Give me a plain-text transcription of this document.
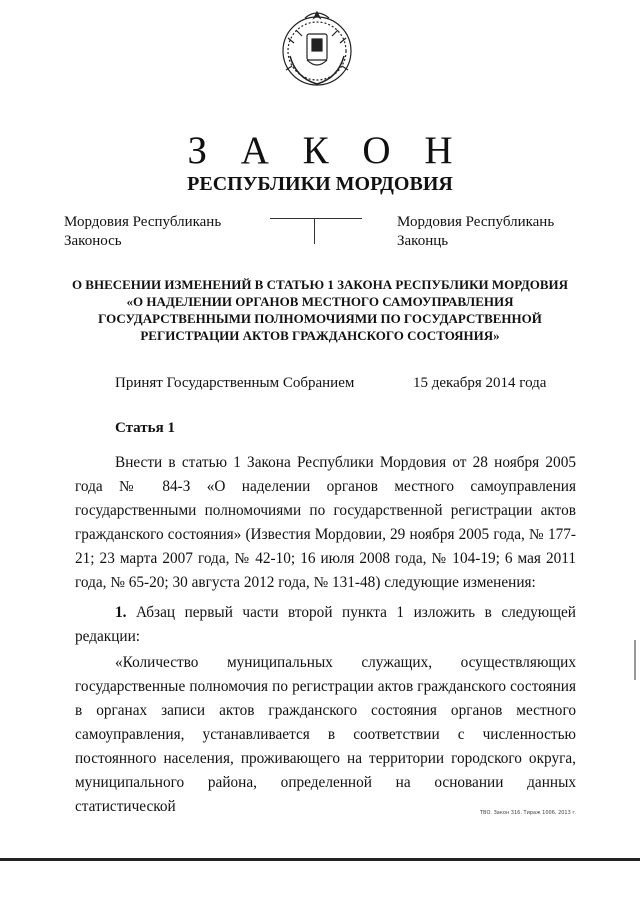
З А К О Н
РЕСПУБЛИКИ МОРДОВИЯ
Мордовия Республикань
Законось
Мордовия Республикань
Законць
О ВНЕСЕНИИ ИЗМЕНЕНИЙ В СТАТЬЮ 1 ЗАКОНА РЕСПУБЛИКИ МОРДОВИЯ «О НАДЕЛЕНИИ ОРГАНОВ МЕСТНОГО САМОУПРАВЛЕНИЯ ГОСУДАРСТВЕННЫМИ ПОЛНОМОЧИЯМИ ПО ГОСУДАРСТВЕННОЙ РЕГИСТРАЦИИ АКТОВ ГРАЖДАНСКОГО СОСТОЯНИЯ»
Принят Государственным Собранием	15 декабря 2014 года
Статья 1
Внести в статью 1 Закона Республики Мордовия от 28 ноября 2005 года № 84-З «О наделении органов местного самоуправления государственными полномочиями по государственной регистрации актов гражданского состояния» (Известия Мордовии, 29 ноября 2005 года, № 177-21; 23 марта 2007 года, № 42-10; 16 июля 2008 года, № 104-19; 6 мая 2011 года, № 65-20; 30 августа 2012 года, № 131-48) следующие изменения:
1. Абзац первый части второй пункта 1 изложить в следующей редакции:
«Количество муниципальных служащих, осуществляющих государственные полномочия по регистрации актов гражданского состояния в органах записи актов гражданского состояния органов местного самоуправления, устанавливается в соответствии с численностью постоянного населения, проживающего на территории городского округа, муниципального района, определенной на основании данных статистической	ТВО. Закон 316. Тираж 1006. 2013 г.
